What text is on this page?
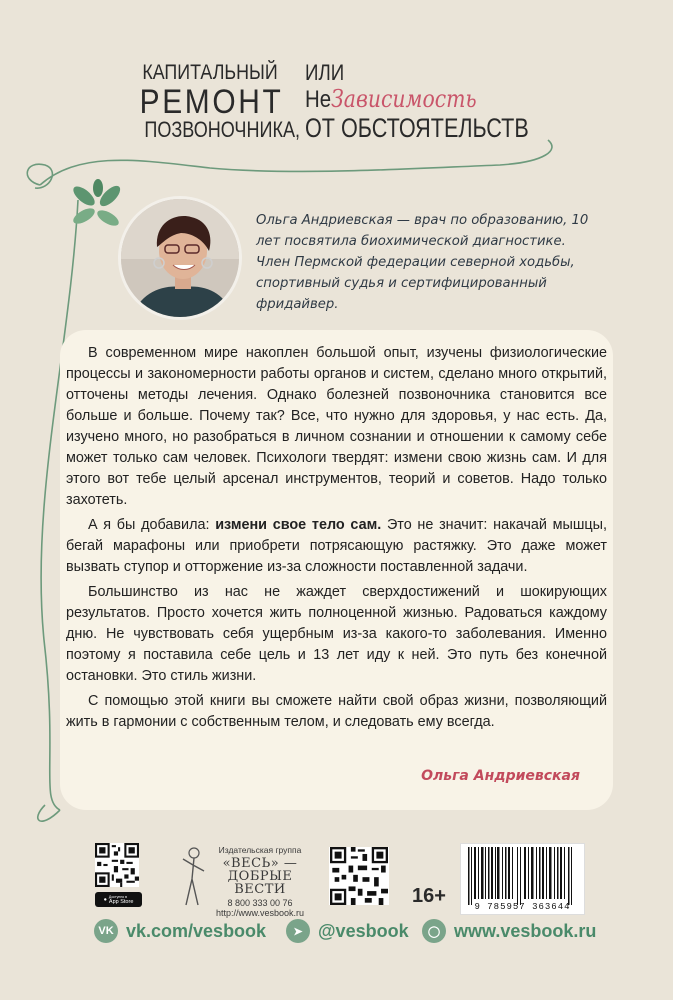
КАПИТАЛЬНЫЙ
РЕМОНТ
ПОЗВОНОЧНИКА,
ИЛИ
НеЗависимость
ОТ ОБСТОЯТЕЛЬСТВ
Ольга Андриевская — врач по образованию, 10 лет посвятила биохимической диагностике. Член Пермской федерации северной ходьбы, спортивный судья и сертифицированный фридайвер.

В современном мире накоплен большой опыт, изучены физиологические процессы и закономерности работы органов и систем, сделано много открытий, отточены методы лечения. Однако болезней позвоночника становится все больше и больше. Почему так? Все, что нужно для здоровья, у нас есть. Да, изучено много, но разобраться в личном сознании и отношении к самому себе может только сам человек. Психологи твердят: измени свою жизнь сам. И для этого вот тебе целый арсенал инструментов, теорий и советов. Надо только захотеть.

А я бы добавила: измени свое тело сам. Это не значит: накачай мышцы, бегай марафоны или приобрети потрясающую растяжку. Это даже может вызвать ступор и отторжение из-за сложности поставленной задачи.

Большинство из нас не жаждет сверхдостижений и шокирующих результатов. Просто хочется жить полноценной жизнью. Радоваться каждому дню. Не чувствовать себя ущербным из-за какого-то заболевания. Именно поэтому я поставила себе цель и 13 лет иду к ней. Это путь без конечной остановки. Это стиль жизни.

С помощью этой книги вы сможете найти свой образ жизни, позволяющий жить в гармонии с собственным телом, и следовать ему всегда.

Ольга Андриевская
● Доступно в
App Store
Издательская группа
«ВЕСЬ» —
ДОБРЫЕ ВЕСТИ
8 800 333 00 76
http://www.vesbook.ru
16+	9 785957 363644
VK vk.com/vesbook	➤ @vesbook	◯ www.vesbook.ru
